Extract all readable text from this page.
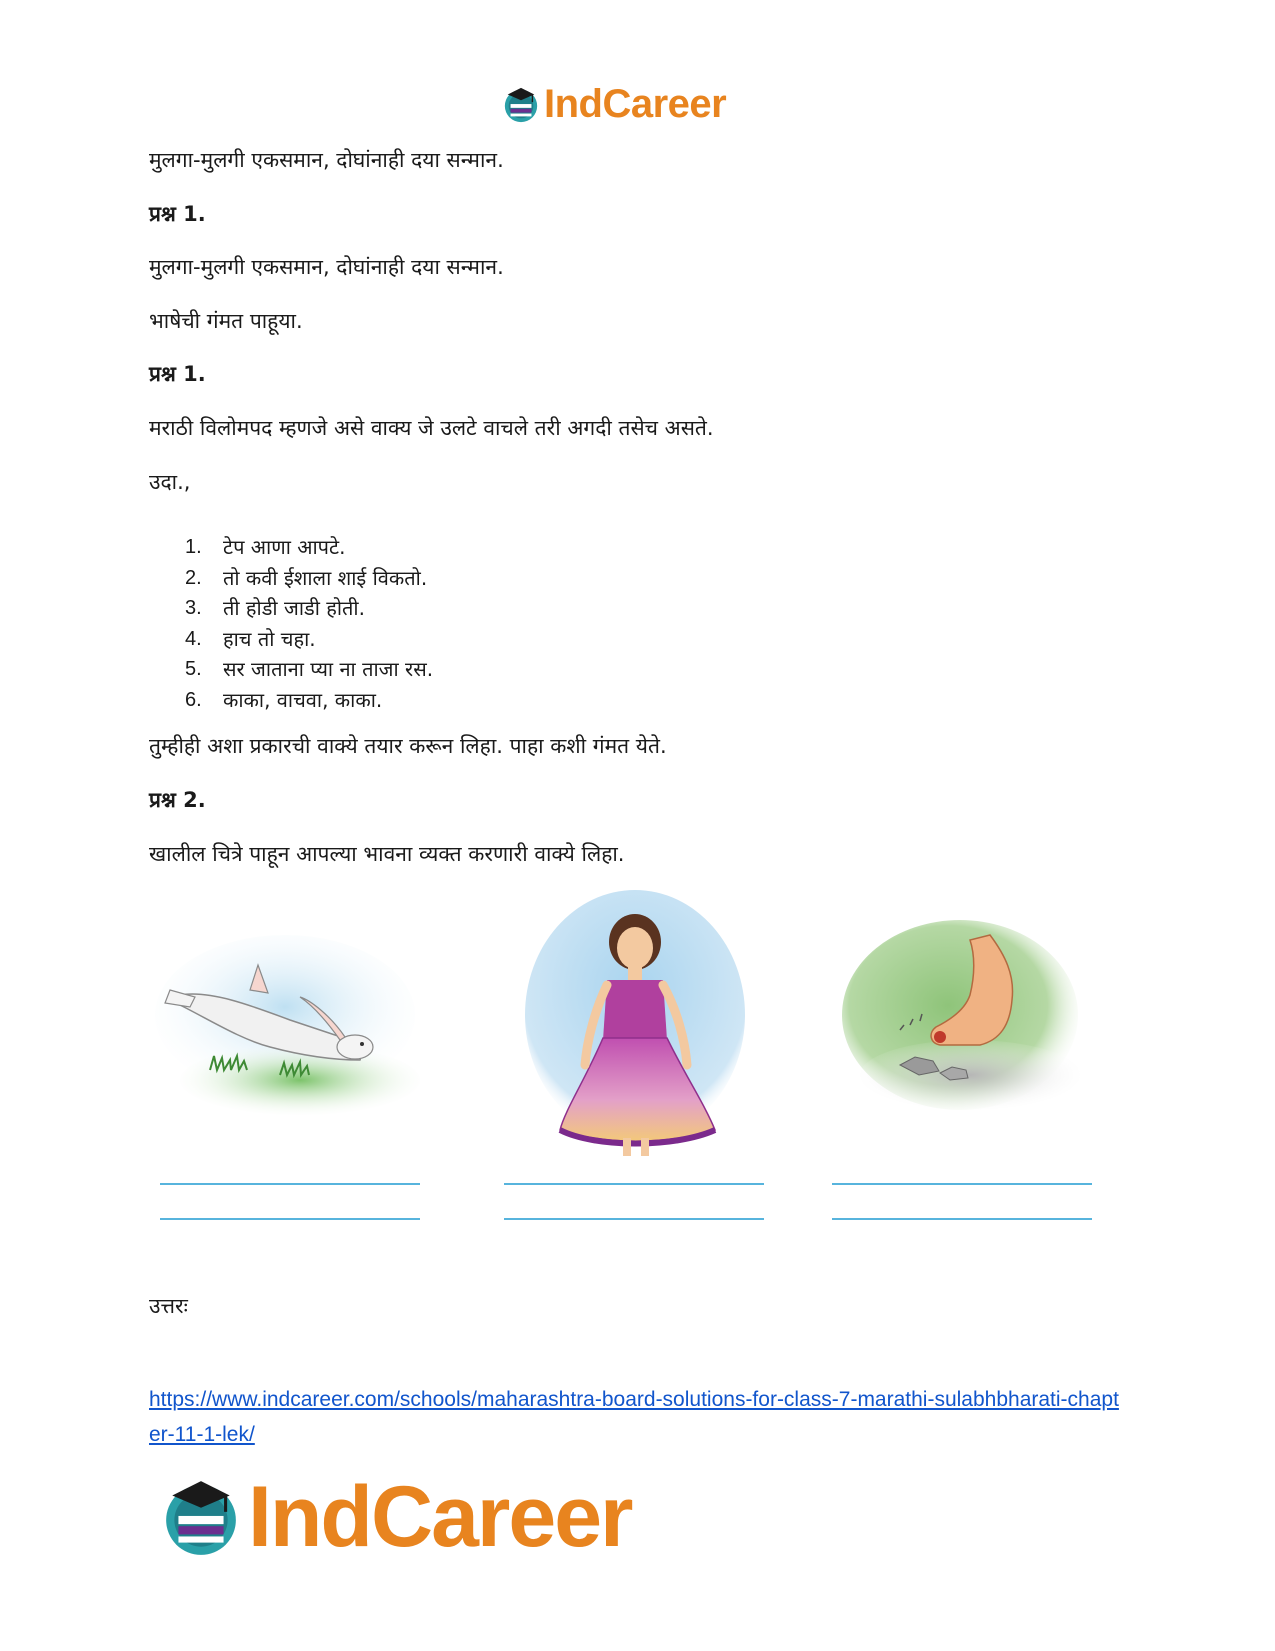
IndCareer
मुलगा-मुलगी एकसमान, दोघांनाही दया सन्मान.
प्रश्न 1.
मुलगा-मुलगी एकसमान, दोघांनाही दया सन्मान.
भाषेची गंमत पाहूया.
प्रश्न 1.
मराठी विलोमपद म्हणजे असे वाक्य जे उलटे वाचले तरी अगदी तसेच असते.
उदा.,
1.	टेप आणा आपटे.
2.	तो कवी ईशाला शाई विकतो.
3.	ती होडी जाडी होती.
4.	हाच तो चहा.
5.	सर जाताना प्या ना ताजा रस.
6.	काका, वाचवा, काका.
तुम्हीही अशा प्रकारची वाक्ये तयार करून लिहा. पाहा कशी गंमत येते.
प्रश्न 2.
खालील चित्रे पाहून आपल्या भावना व्यक्त करणारी वाक्ये लिहा.
उत्तरः
https://www.indcareer.com/schools/maharashtra-board-solutions-for-class-7-marathi-sulabhbharati-chapter-11-1-lek/
IndCareer
